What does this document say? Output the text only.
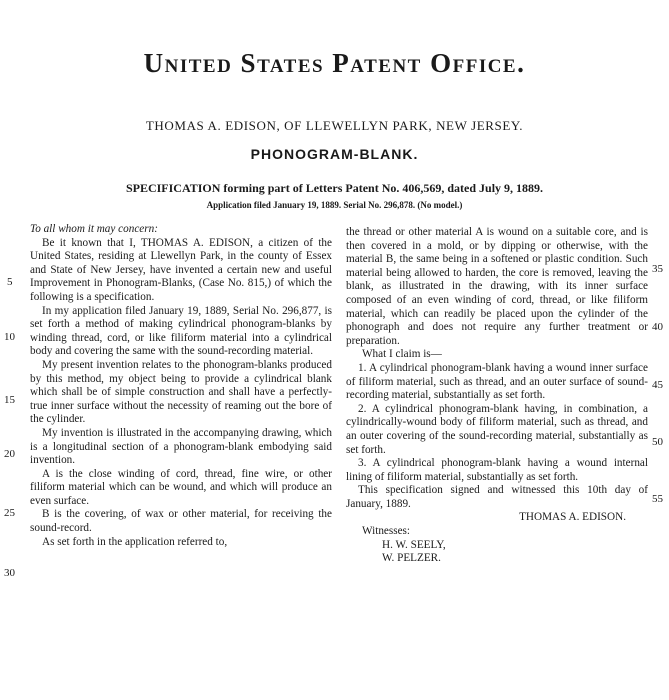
United States Patent Office.
THOMAS A. EDISON, OF LLEWELLYN PARK, NEW JERSEY.
PHONOGRAM-BLANK.
SPECIFICATION forming part of Letters Patent No. 406,569, dated July 9, 1889.
Application filed January 19, 1889. Serial No. 296,878. (No model.)

To all whom it may concern:

Be it known that I, THOMAS A. EDISON, a citizen of the United States, residing at Llewellyn Park, in the county of Essex and State of New Jersey, have invented a certain new and useful Improvement in Phonogram-Blanks, (Case No. 815,) of which the following is a specification.

In my application filed January 19, 1889, Serial No. 296,877, is set forth a method of making cylindrical phonogram-blanks by winding thread, cord, or like filiform material into a cylindrical body and covering the same with the sound-recording material.

My present invention relates to the phonogram-blanks produced by this method, my object being to provide a cylindrical blank which shall be of simple construction and shall have a perfectly-true inner surface without the necessity of reaming out the bore of the cylinder.

My invention is illustrated in the accompanying drawing, which is a longitudinal section of a phonogram-blank embodying said invention.

A is the close winding of cord, thread, fine wire, or other filiform material which can be wound, and which will produce an even surface.

B is the covering, of wax or other material, for receiving the sound-record.

As set forth in the application referred to,

the thread or other material A is wound on a suitable core, and is then covered in a mold, or by dipping or otherwise, with the material B, the same being in a softened or plastic condition. Such material being allowed to harden, the core is removed, leaving the blank, as illustrated in the drawing, with its inner surface composed of an even winding of cord, thread, or like filiform material, which can readily be placed upon the cylinder of the phonograph and does not require any further treatment or preparation.

What I claim is—

1. A cylindrical phonogram-blank having a wound inner surface of filiform material, such as thread, and an outer surface of sound-recording material, substantially as set forth.

2. A cylindrical phonogram-blank having, in combination, a cylindrically-wound body of filiform material, such as thread, and an outer covering of the sound-recording material, substantially as set forth.

3. A cylindrical phonogram-blank having a wound internal lining of filiform material, substantially as set forth.

This specification signed and witnessed this 10th day of January, 1889.

THOMAS A. EDISON.

Witnesses:

H. W. SEELY,

W. PELZER.

5
10
15
20
25
30
35
40
45
50
55
